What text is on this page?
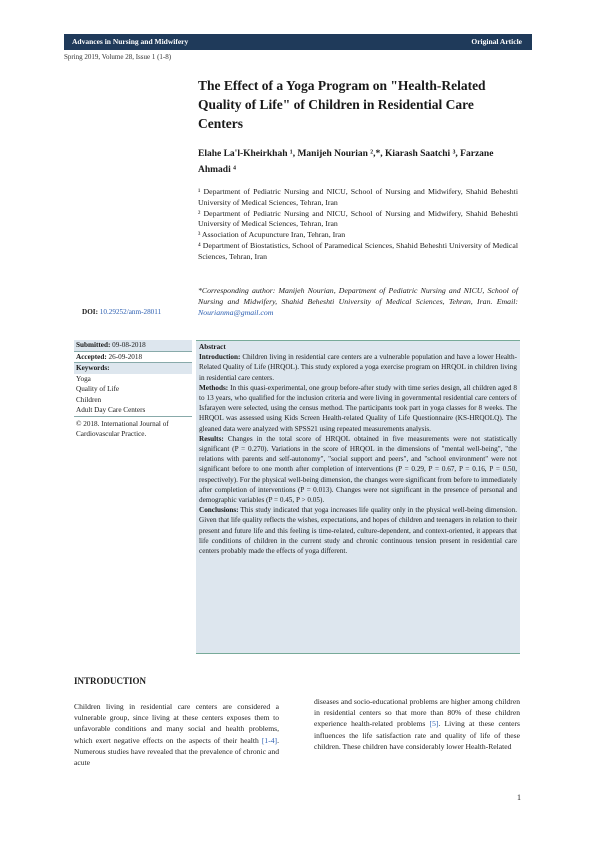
Advances in Nursing and Midwifery	Original Article
Spring 2019, Volume 28, Issue 1 (1-8)
The Effect of a Yoga Program on "Health-Related Quality of Life" of Children in Residential Care Centers
Elahe La'l-Kheirkhah ¹, Manijeh Nourian ²,*, Kiarash Saatchi ³, Farzane Ahmadi ⁴

¹ Department of Pediatric Nursing and NICU, School of Nursing and Midwifery, Shahid Beheshti University of Medical Sciences, Tehran, Iran

² Department of Pediatric Nursing and NICU, School of Nursing and Midwifery, Shahid Beheshti University of Medical Sciences, Tehran, Iran

³ Association of Acupuncture Iran, Tehran, Iran

⁴ Department of Biostatistics, School of Paramedical Sciences, Shahid Beheshti University of Medical Sciences, Tehran, Iran

*Corresponding author: Manijeh Nourian, Department of Pediatric Nursing and NICU, School of Nursing and Midwifery, Shahid Beheshti University of Medical Sciences, Tehran, Iran. Email: Nourianma@gmail.com
DOI: 10.29252/anm-28011
Submitted: 09-08-2018
Accepted: 26-09-2018
Keywords:
Yoga
Quality of Life
Children
Adult Day Care Centers
© 2018. International Journal of Cardiovascular Practice.
Abstract

Introduction: Children living in residential care centers are a vulnerable population and have a lower Health-Related Quality of Life (HRQOL). This study explored a yoga exercise program on HRQOL in children living in residential care centers.

Methods: In this quasi-experimental, one group before-after study with time series design, all children aged 8 to 13 years, who qualified for the inclusion criteria and were living in governmental residential care centers of Isfarayen were selected, using the census method. The participants took part in yoga classes for 8 weeks. The HRQOL was assessed using Kids Screen Health-related Quality of Life Questionnaire (KS-HRQOLQ). The gleaned data were analyzed with SPSS21 using repeated measurements analysis.

Results: Changes in the total score of HRQOL obtained in five measurements were not statistically significant (P = 0.270). Variations in the score of HRQOL in the dimensions of "mental well-being", "the relations with parents and self-autonomy", "social support and peers", and "school environment" were not significant before to one month after completion of interventions (P = 0.29, P = 0.67, P = 0.16, P = 0.50, respectively). For the physical well-being dimension, the changes were significant from before to immediately after completion of interventions (P = 0.013). Changes were not significant in the presence of personal and demographic variables (P = 0.45, P > 0.05).

Conclusions: This study indicated that yoga increases life quality only in the physical well-being dimension. Given that life quality reflects the wishes, expectations, and hopes of children and teenagers in relation to their present and future life and this feeling is time-related, culture-dependent, and context-oriented, it appears that life conditions of children in the current study and chronic continuous tension present in residential care centers probably made the effects of yoga different.

INTRODUCTION
Children living in residential care centers are considered a vulnerable group, since living at these centers exposes them to unfavorable conditions and many social and health problems, which exert negative effects on the aspects of their health [1-4]. Numerous studies have revealed that the prevalence of chronic and acute
diseases and socio-educational problems are higher among children in residential centers so that more than 80% of these children experience health-related problems [5]. Living at these centers influences the life satisfaction rate and quality of life of these children. These children have considerably lower Health-Related
1
